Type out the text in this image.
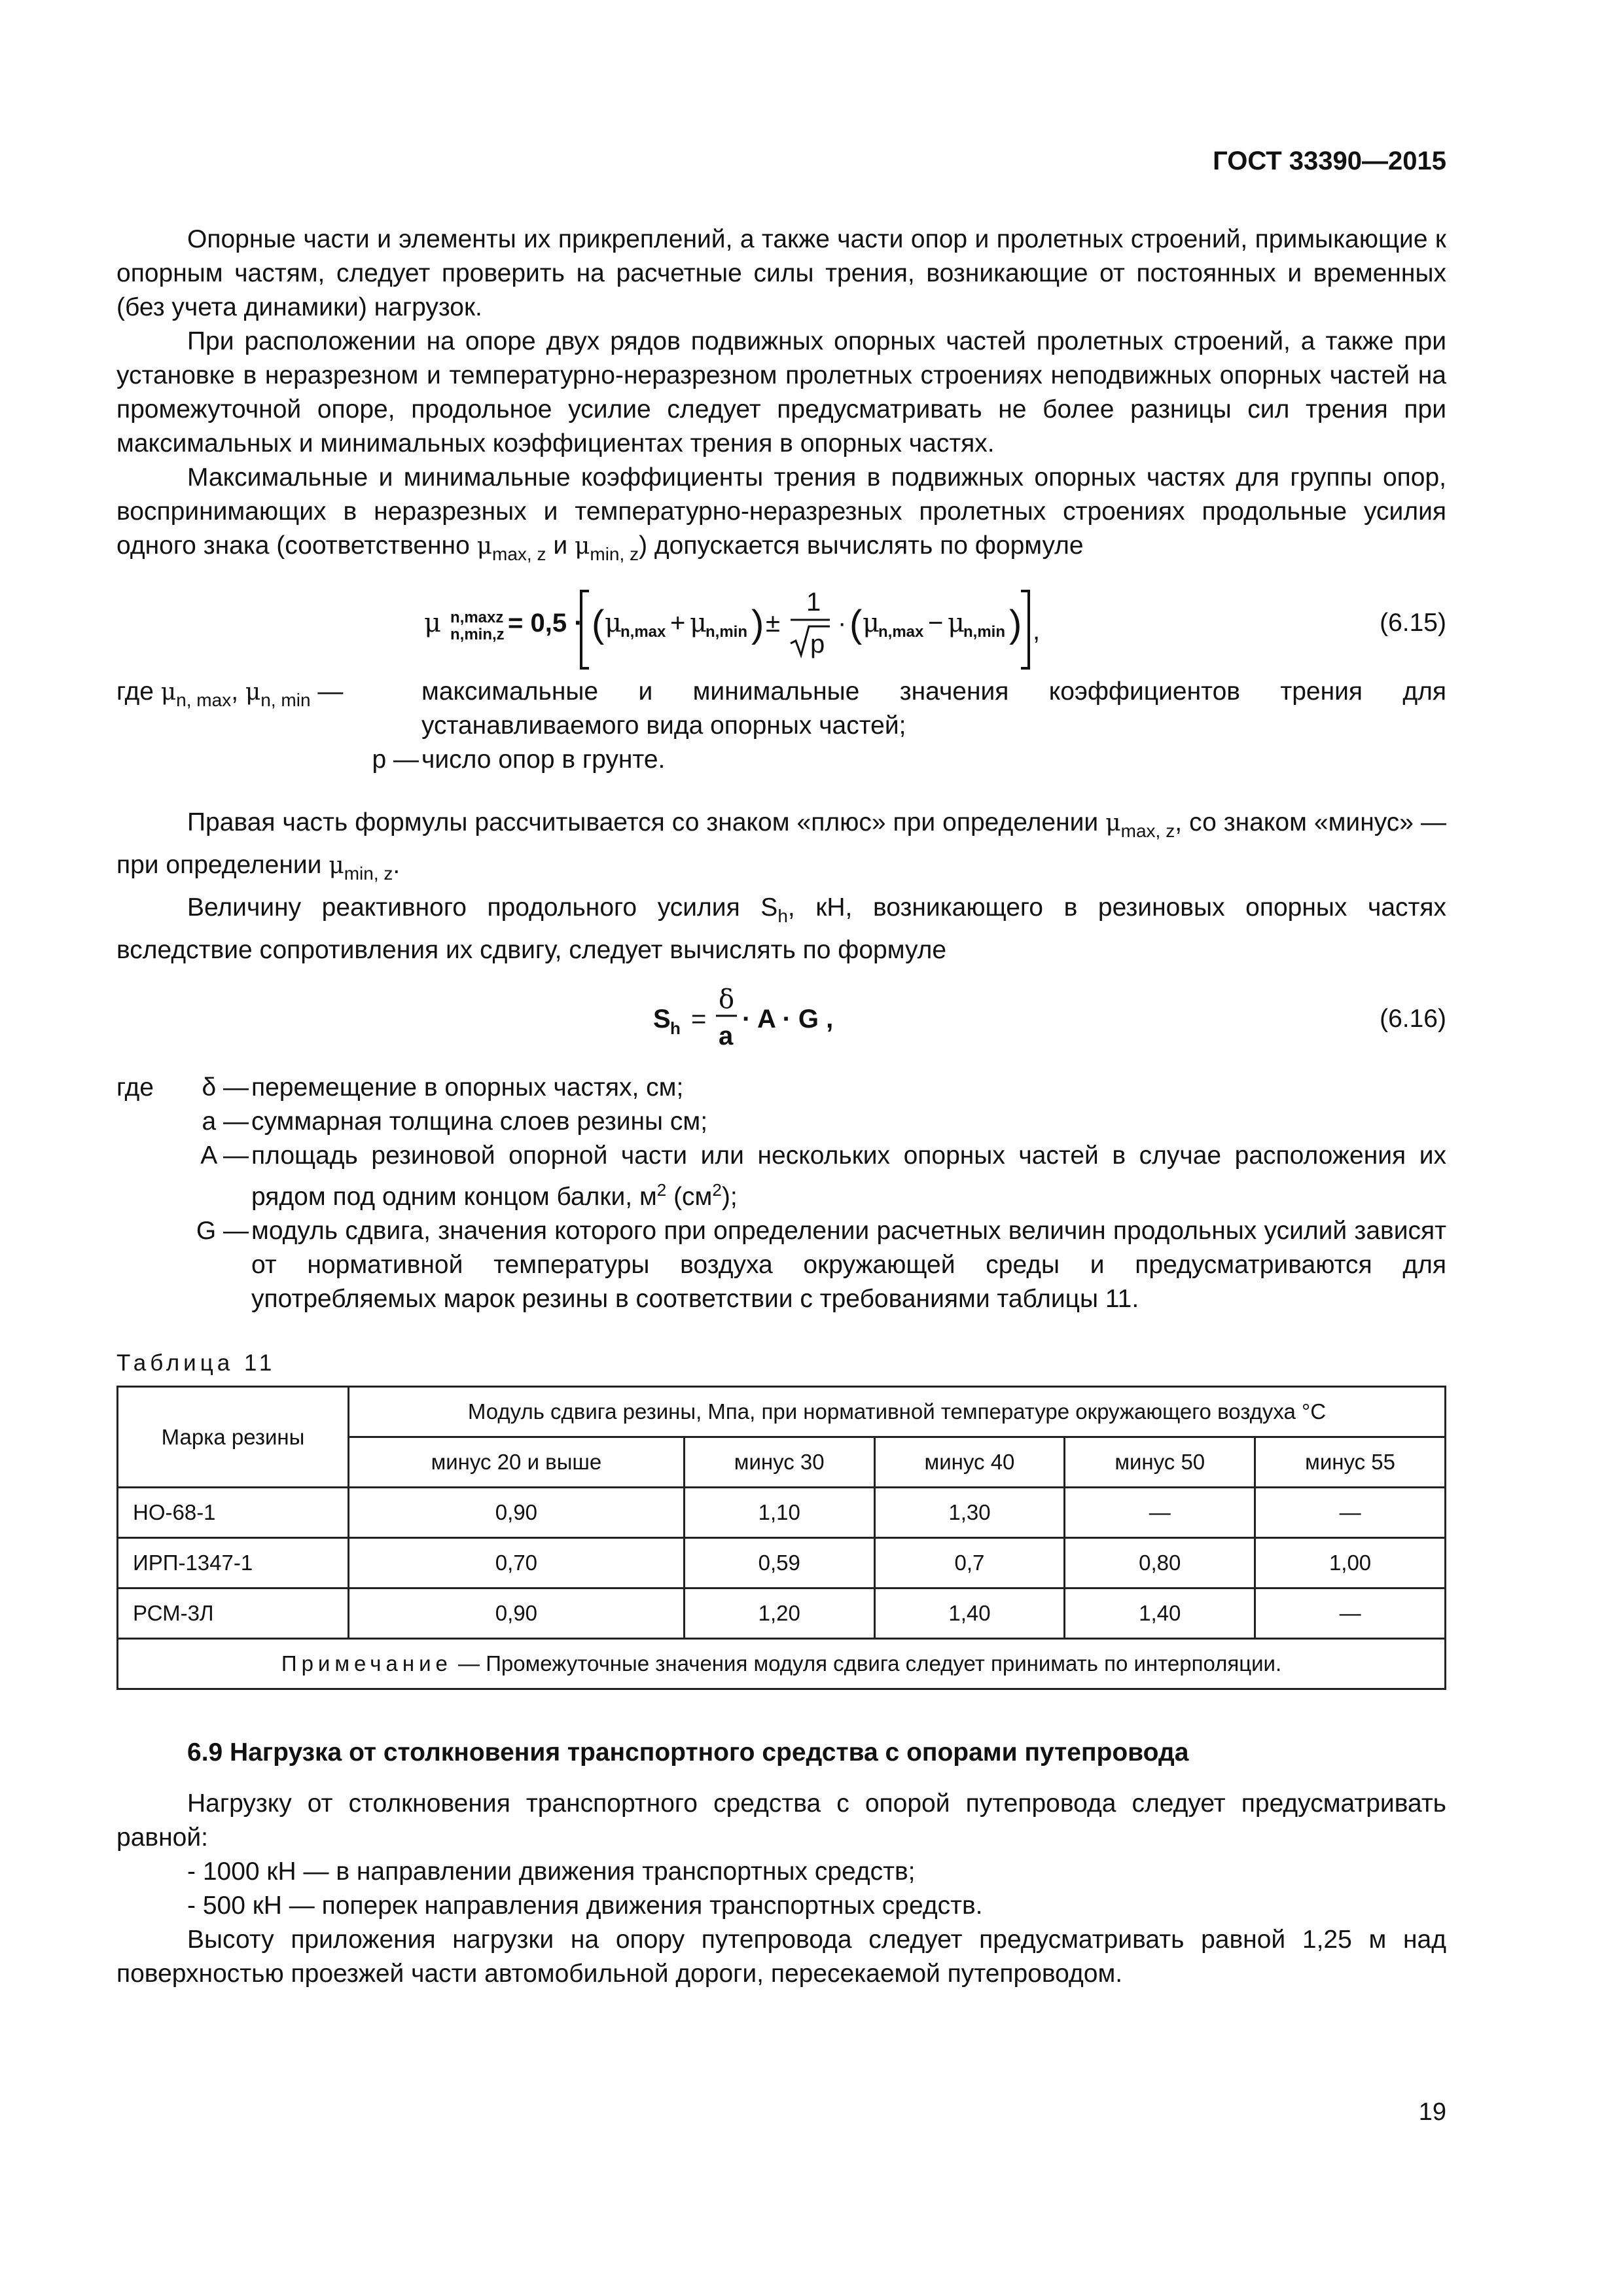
ГОСТ 33390—2015

Опорные части и элементы их прикреплений, а также части опор и пролетных строений, примыкающие к опорным частям, следует проверить на расчетные силы трения, возникающие от постоянных и временных (без учета динамики) нагрузок.

При расположении на опоре двух рядов подвижных опорных частей пролетных строений, а также при установке в неразрезном и температурно-неразрезном пролетных строениях неподвижных опорных частей на промежуточной опоре, продольное усилие следует предусматривать не более разницы сил трения при максимальных и минимальных коэффициентах трения в опорных частях.

Максимальные и минимальные коэффициенты трения в подвижных опорных частях для группы опор, воспринимающих в неразрезных и температурно-неразрезных пролетных строениях продольные усилия одного знака (соответственно $\mu_{max, z}$ и $\mu_{min, z}$) допускается вычислять по формуле

μ n,maxz
n,min,z = 0,5 · ( μ
n,max + μ
n,min ) ±
1
p
· ( μ
n,max − μ
n,min ) ,	(6.15)
где $\mu_{n, max}$, $\mu_{n, min}$ —	максимальные и минимальные значения коэффициентов трения для устанавливаемого вида опорных частей;
p — число опор в грунте.

Правая часть формулы рассчитывается со знаком «плюс» при определении $\mu_{max, z}$, со знаком «минус» — при определении $\mu_{min, z}$.

Величину реактивного продольного усилия $S_h$, кН, возникающего в резиновых опорных частях вследствие сопротивления их сдвигу, следует вычислять по формуле

S h =
δ
a
· A · G ,	(6.16)
где	δ — перемещение в опорных частях, см;
a — суммарная толщина слоев резины см;
A — площадь резиновой опорной части или нескольких опорных частей в случае расположения их рядом под одним концом балки, $м^2$ $(см^2)$;
G — модуль сдвига, значения которого при определении расчетных величин продольных усилий зависят от нормативной температуры воздуха окружающей среды и предусматриваются для употребляемых марок резины в соответствии с требованиями таблицы 11.
Таблица 11
Марка резины	Модуль сдвига резины, Мпа, при нормативной температуре окружающего воздуха °С				
	минус 20 и выше	минус 30	минус 40	минус 50	минус 55
НО-68-1	0,90	1,10	1,30	—	—
ИРП-1347-1	0,70	0,59	0,7	0,80	1,00
РСМ-3Л	0,90	1,20	1,40	1,40	—
Примечание — Промежуточные значения модуля сдвига следует принимать по интерполяции.					

6.9 Нагрузка от столкновения транспортного средства с опорами путепровода

Нагрузку от столкновения транспортного средства с опорой путепровода следует предусматривать равной:

- 1000 кН — в направлении движения транспортных средств;

- 500 кН — поперек направления движения транспортных средств.

Высоту приложения нагрузки на опору путепровода следует предусматривать равной 1,25 м над поверхностью проезжей части автомобильной дороги, пересекаемой путепроводом.

19
